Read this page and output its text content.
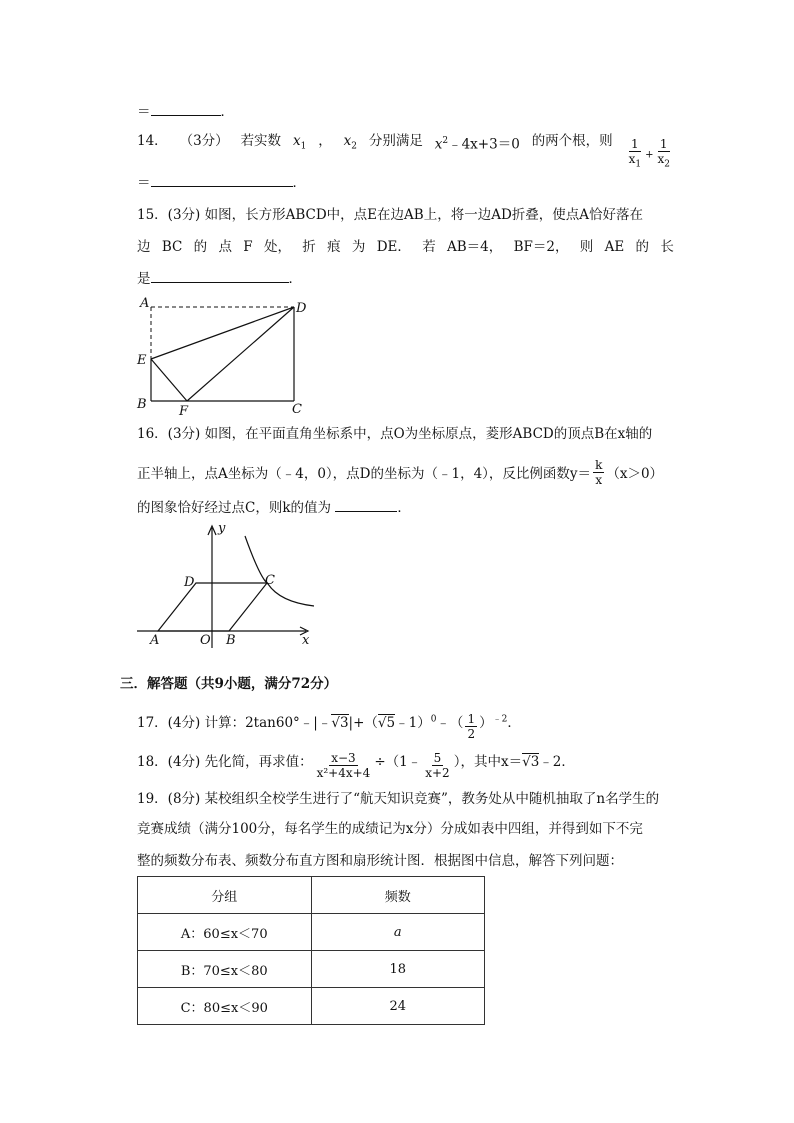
＝	．
14． （3分） 若实数 $x_1$ ， $x_2$ 分别满足 $x^2﹣4x+3=0$ 的两个根，则 $\frac{1}{x_1} + \frac{1}{x_2}$
＝	．
15．(3分) 如图，长方形ABCD中，点E在边AB上，将一边AD折叠，使点A恰好落在
边 BC 的 点 F 处， 折 痕 为 DE． 若 AB＝4， BF＝2， 则 AE 的 长
是	．
A	D
E
B F	C
16．(3分) 如图，在平面直角坐标系中，点O为坐标原点，菱形ABCD的顶点B在x轴的
正半轴上，点A坐标为（﹣4，0），点D的坐标为（﹣1，4），反比例函数$y= \frac{k}{x} (x>0)$
的图象恰好经过点C，则k的值为	．
y
x
A	O B
C
D
三．解答题（共9小题，满分72分）
17．(4分) 计算：2tan60°﹣|﹣√3|+（√5﹣1）$^0$﹣（ $\frac{1}{2} )^{﹣2}$．
18．(4分) 先化简，再求值： $\frac{x-3}{\text{x²+4x+4}}$ ÷（1﹣ $\frac{5}{x+2}$ ），其中x＝√3﹣2．
19．(8分) 某校组织全校学生进行了“航天知识竞赛”，教务处从中随机抽取了n名学生的
竞赛成绩（满分100分，每名学生的成绩记为x分）分成如表中四组，并得到如下不完
整的频数分布表、频数分布直方图和扇形统计图．根据图中信息，解答下列问题：
分组	频数
A：60≤x＜70	a
B：70≤x＜80	18
C：80≤x＜90	24
